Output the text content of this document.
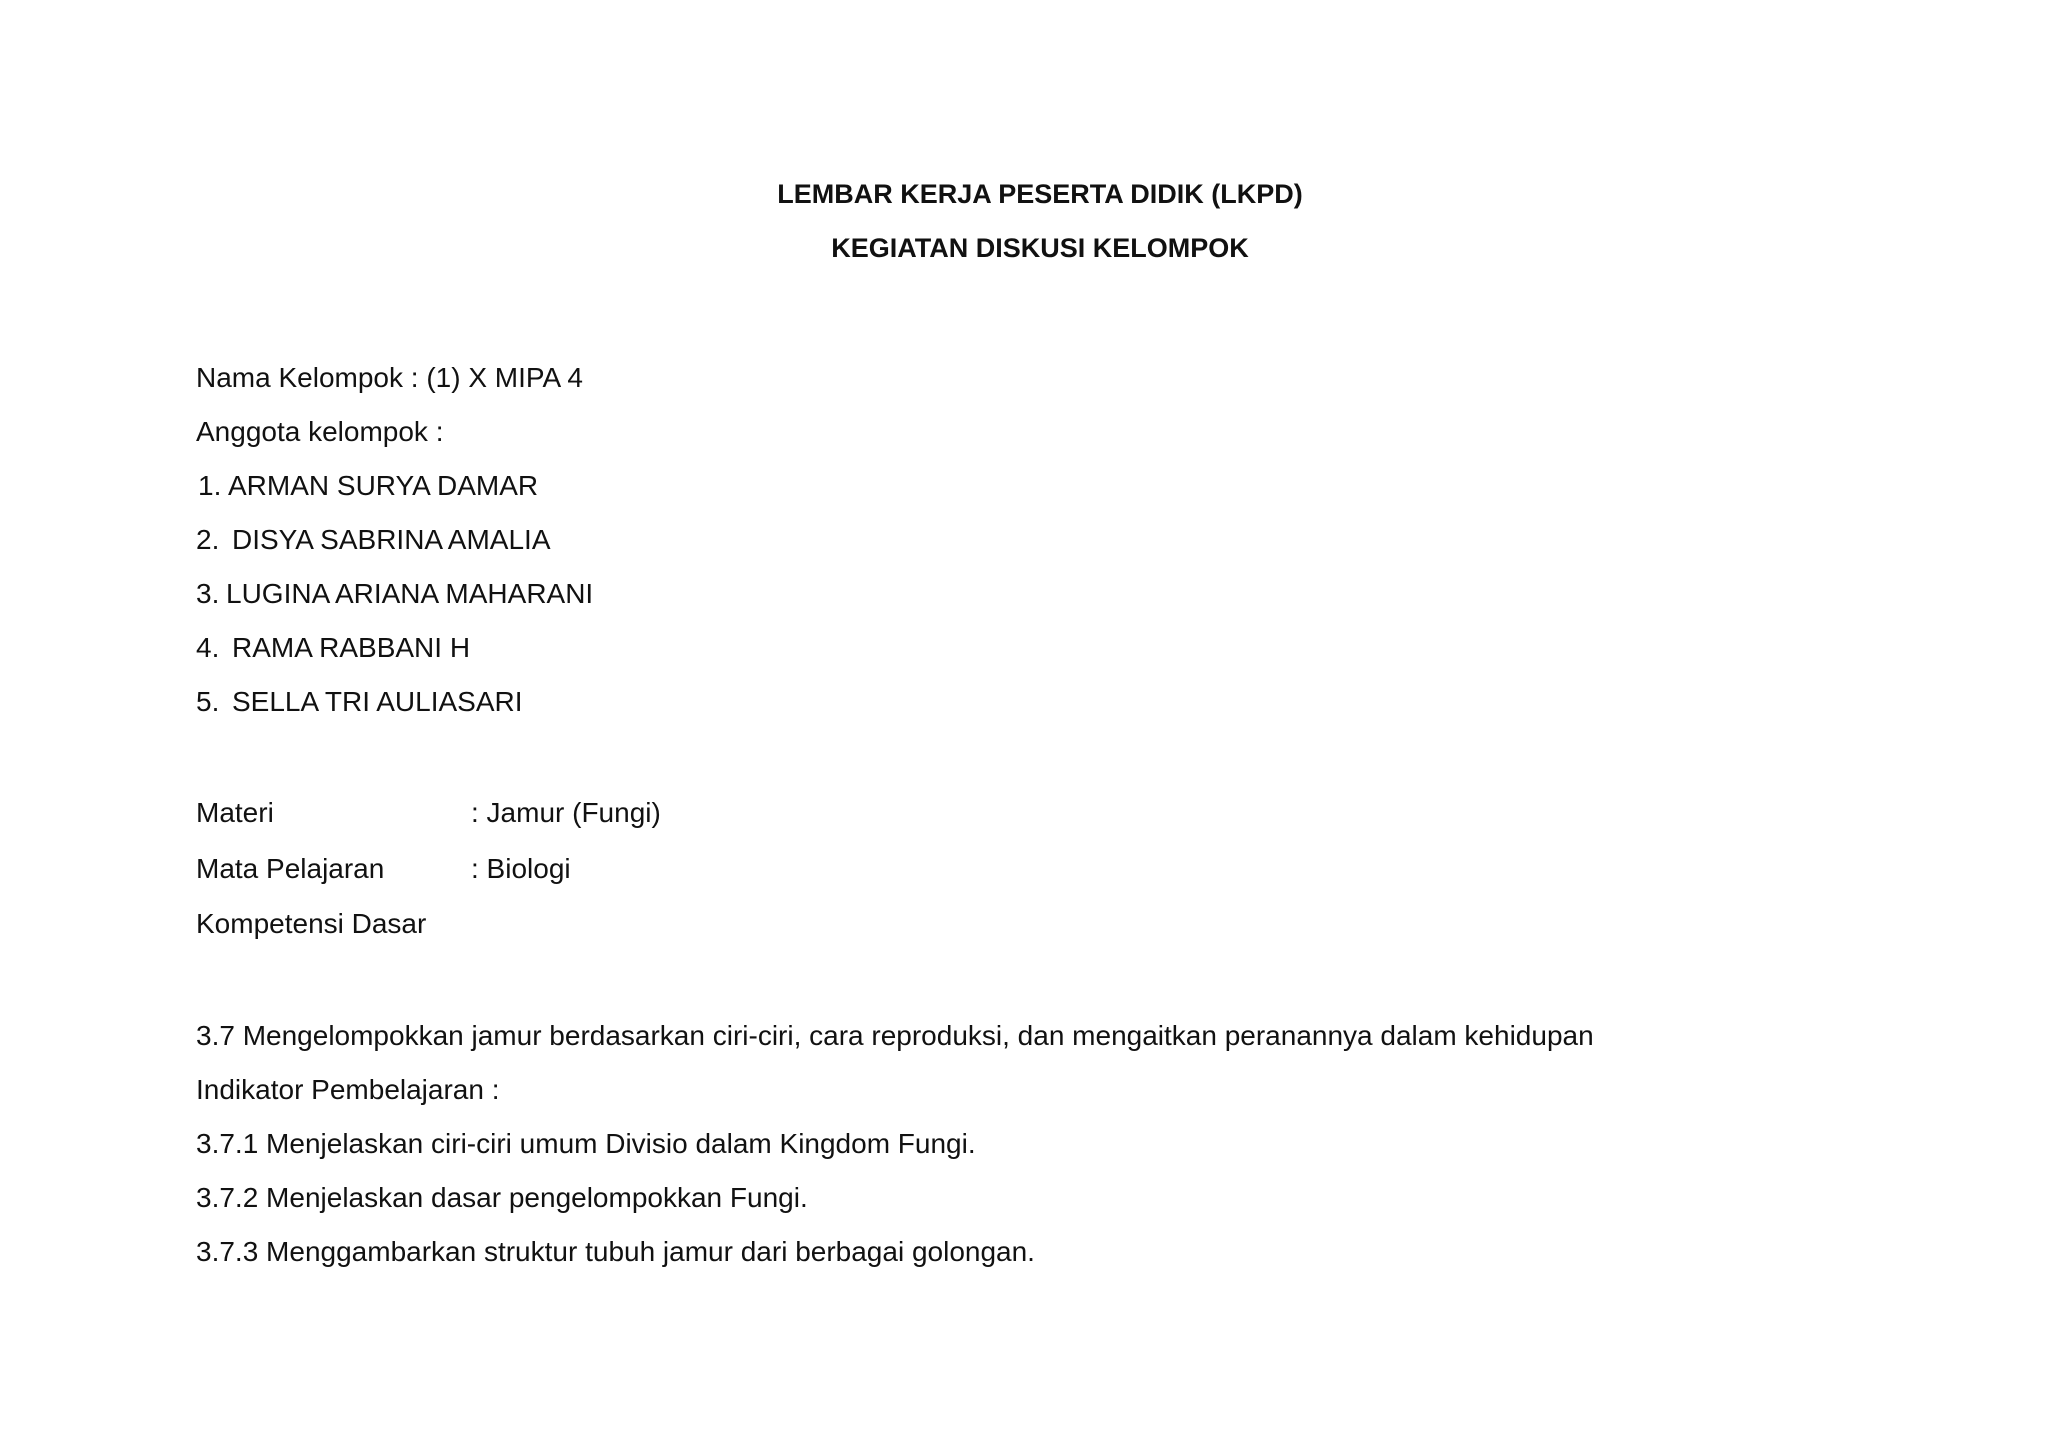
LEMBAR KERJA PESERTA DIDIK (LKPD)
KEGIATAN DISKUSI KELOMPOK
Nama Kelompok : (1) X MIPA 4
Anggota kelompok :
1. ARMAN SURYA DAMAR
2. DISYA SABRINA AMALIA
3. LUGINA ARIANA MAHARANI
4. RAMA RABBANI H
5. SELLA TRI AULIASARI
Materi	: Jamur (Fungi)
Mata Pelajaran	: Biologi
Kompetensi Dasar
3.7 Mengelompokkan jamur berdasarkan ciri-ciri, cara reproduksi, dan mengaitkan peranannya dalam kehidupan
Indikator Pembelajaran :
3.7.1 Menjelaskan ciri-ciri umum Divisio dalam Kingdom Fungi.
3.7.2 Menjelaskan dasar pengelompokkan Fungi.
3.7.3 Menggambarkan struktur tubuh jamur dari berbagai golongan.
